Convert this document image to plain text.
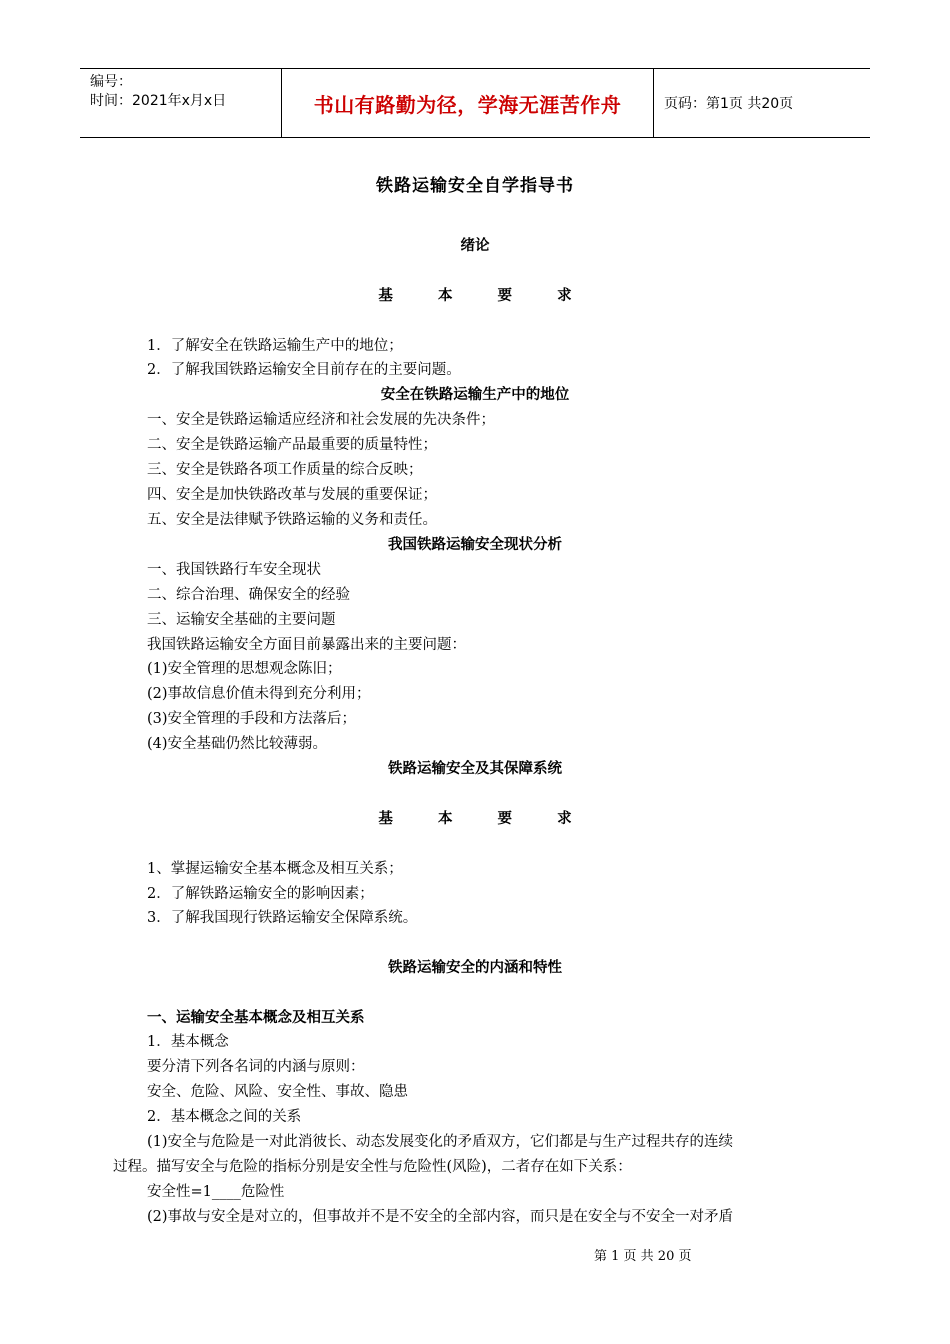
编号：
时间：2021年x月x日	书山有路勤为径，学海无涯苦作舟	页码：第1页 共20页
铁路运输安全自学指导书
绪论
基 本 要 求
1．了解安全在铁路运输生产中的地位；
2．了解我国铁路运输安全目前存在的主要问题。
安全在铁路运输生产中的地位
一、安全是铁路运输适应经济和社会发展的先决条件；
二、安全是铁路运输产品最重要的质量特性；
三、安全是铁路各项工作质量的综合反映；
四、安全是加快铁路改革与发展的重要保证；
五、安全是法律赋予铁路运输的义务和责任。
我国铁路运输安全现状分析
一、我国铁路行车安全现状
二、综合治理、确保安全的经验
三、运输安全基础的主要问题
我国铁路运输安全方面目前暴露出来的主要问题：
(1)安全管理的思想观念陈旧；
(2)事故信息价值未得到充分利用；
(3)安全管理的手段和方法落后；
(4)安全基础仍然比较薄弱。
铁路运输安全及其保障系统
基 本 要 求
1、掌握运输安全基本概念及相互关系；
2．了解铁路运输安全的影响因素；
3．了解我国现行铁路运输安全保障系统。
铁路运输安全的内涵和特性
一、运输安全基本概念及相互关系
1．基本概念
要分清下列各名词的内涵与原则：
安全、危险、风险、安全性、事故、隐患
2．基本概念之间的关系
(1)安全与危险是一对此消彼长、动态发展变化的矛盾双方，它们都是与生产过程共存的连续
过程。描写安全与危险的指标分别是安全性与危险性(风险)，二者存在如下关系：
安全性=1____危险性
(2)事故与安全是对立的，但事故并不是不安全的全部内容，而只是在安全与不安全一对矛盾
第 1 页 共 20 页
